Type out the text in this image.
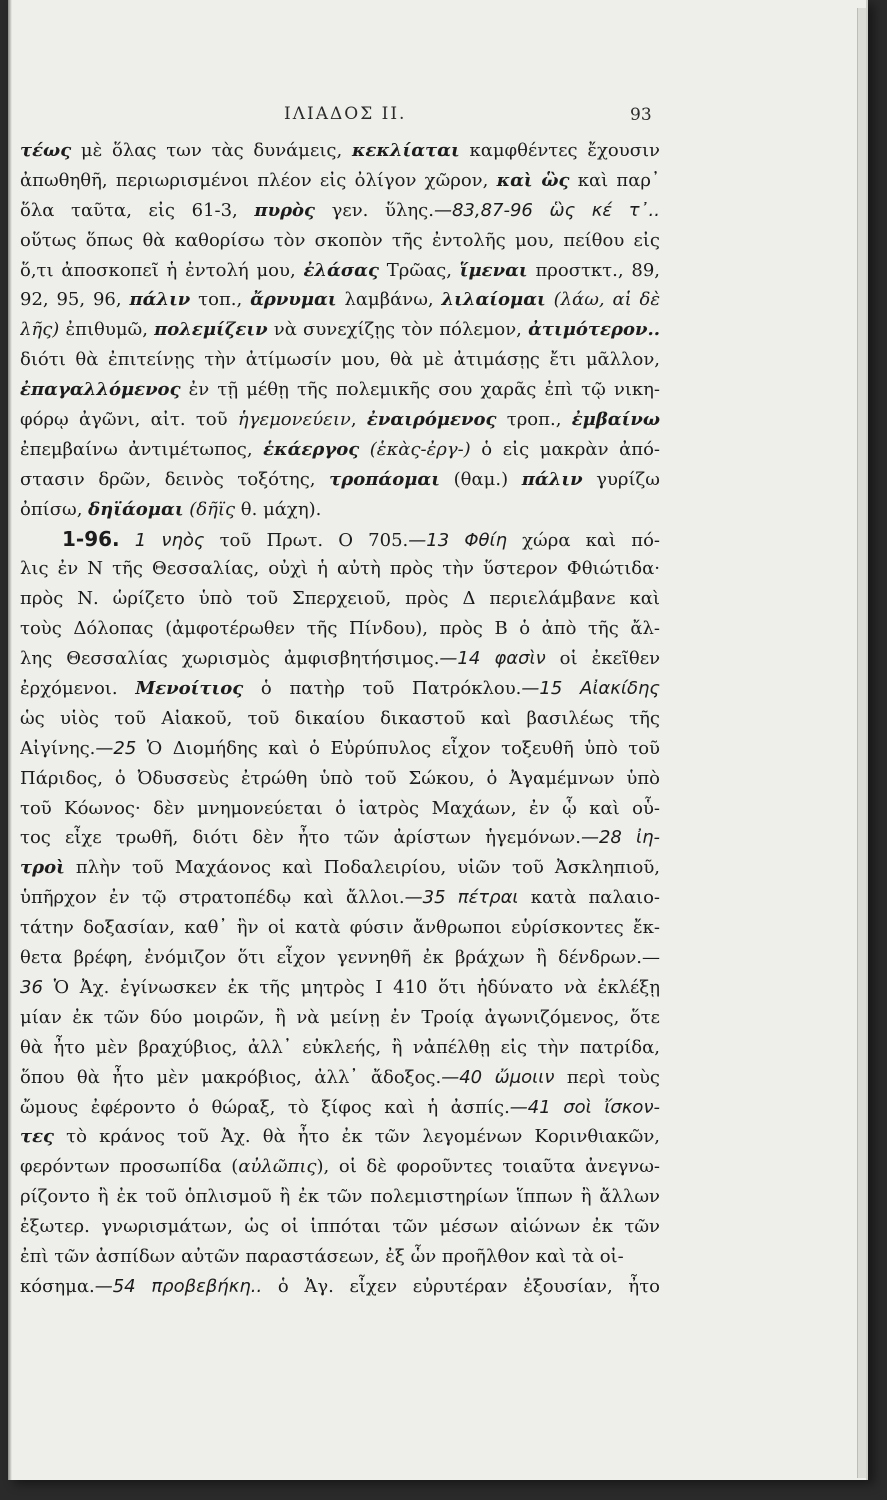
ΙΛΙΑΔΟΣ ΙΙ.	93
τέως μὲ ὅλας των τὰς δυνάμεις, κεκλίαται καμφθέντες ἔχουσιν
ἀπωθηθῆ, περιωρισμένοι πλέον εἰς ὀλίγον χῶρον, καὶ ὣς καὶ παρ᾽
ὅλα ταῦτα, εἰς 61-3, πυρὸς γεν. ὕλης.—83,87-96 ὣς κέ τ᾽..
οὕτως ὅπως θὰ καθορίσω τὸν σκοπὸν τῆς ἐντολῆς μου, πείθου εἰς
ὅ,τι ἀποσκοπεῖ ἡ ἐντολή μου, ἐλάσας Τρῶας, ἵμεναι προστκτ., 89,
92, 95, 96, πάλιν τοπ., ἄρνυμαι λαμβάνω, λιλαίομαι (λάω, αἱ δὲ
λῆς) ἐπιθυμῶ, πολεμίζειν νὰ συνεχίζῃς τὸν πόλεμον, ἀτιμότερον..
διότι θὰ ἐπιτείνῃς τὴν ἀτίμωσίν μου, θὰ μὲ ἀτιμάσῃς ἔτι μᾶλλον,
ἐπαγαλλόμενος ἐν τῇ μέθῃ τῆς πολεμικῆς σου χαρᾶς ἐπὶ τῷ νικη-
φόρῳ ἀγῶνι, αἰτ. τοῦ ἡγεμονεύειν, ἐναιρόμενος τροπ., ἐμβαίνω
ἐπεμβαίνω ἀντιμέτωπος, ἑκάεργος (ἑκὰς-ἐργ-) ὁ εἰς μακρὰν ἀπό-
στασιν δρῶν, δεινὸς τοξότης, τροπάομαι (θαμ.) πάλιν γυρίζω
ὀπίσω, δηϊάομαι (δῆϊς θ. μάχη).
1-96. 1 νηὸς τοῦ Πρωτ. Ο 705.—13 Φθίη χώρα καὶ πό-
λις ἐν Ν τῆς Θεσσαλίας, οὐχὶ ἡ αὐτὴ πρὸς τὴν ὕστερον Φθιώτιδα·
πρὸς Ν. ὡρίζετο ὑπὸ τοῦ Σπερχειοῦ, πρὸς Δ περιελάμβανε καὶ
τοὺς Δόλοπας (ἀμφοτέρωθεν τῆς Πίνδου), πρὸς Β ὁ ἀπὸ τῆς ἄλ-
λης Θεσσαλίας χωρισμὸς ἀμφισβητήσιμος.—14 φασὶν οἱ ἐκεῖθεν
ἐρχόμενοι. Μενοίτιος ὁ πατὴρ τοῦ Πατρόκλου.—15 Αἰακίδης
ὡς υἱὸς τοῦ Αἰακοῦ, τοῦ δικαίου δικαστοῦ καὶ βασιλέως τῆς
Αἰγίνης.—25 Ὁ Διομήδης καὶ ὁ Εὐρύπυλος εἶχον τοξευθῆ ὑπὸ τοῦ
Πάριδος, ὁ Ὀδυσσεὺς ἐτρώθη ὑπὸ τοῦ Σώκου, ὁ Ἀγαμέμνων ὑπὸ
τοῦ Κόωνος· δὲν μνημονεύεται ὁ ἰατρὸς Μαχάων, ἐν ᾧ καὶ οὗ-
τος εἶχε τρωθῆ, διότι δὲν ἦτο τῶν ἀρίστων ἡγεμόνων.—28 ἰη-
τροὶ πλὴν τοῦ Μαχάονος καὶ Ποδαλειρίου, υἱῶν τοῦ Ἀσκληπιοῦ,
ὑπῆρχον ἐν τῷ στρατοπέδῳ καὶ ἄλλοι.—35 πέτραι κατὰ παλαιο-
τάτην δοξασίαν, καθ᾽ ἣν οἱ κατὰ φύσιν ἄνθρωποι εὑρίσκοντες ἔκ-
θετα βρέφη, ἐνόμιζον ὅτι εἶχον γεννηθῆ ἐκ βράχων ἢ δένδρων.—
36 Ὁ Ἀχ. ἐγίνωσκεν ἐκ τῆς μητρὸς Ι 410 ὅτι ἠδύνατο νὰ ἐκλέξῃ
μίαν ἐκ τῶν δύο μοιρῶν, ἢ νὰ μείνῃ ἐν Τροίᾳ ἀγωνιζόμενος, ὅτε
θὰ ἦτο μὲν βραχύβιος, ἀλλ᾽ εὐκλεής, ἢ νἀπέλθῃ εἰς τὴν πατρίδα,
ὅπου θὰ ἦτο μὲν μακρόβιος, ἀλλ᾽ ἄδοξος.—40 ὤμοιιν περὶ τοὺς
ὤμους ἐφέροντο ὁ θώραξ, τὸ ξίφος καὶ ἡ ἀσπίς.—41 σοὶ ἴσκον-
τες τὸ κράνος τοῦ Ἀχ. θὰ ἦτο ἐκ τῶν λεγομένων Κορινθιακῶν,
φερόντων προσωπίδα (αὐλῶπις), οἱ δὲ φοροῦντες τοιαῦτα ἀνεγνω-
ρίζοντο ἢ ἐκ τοῦ ὁπλισμοῦ ἢ ἐκ τῶν πολεμιστηρίων ἵππων ἢ ἄλλων
ἐξωτερ. γνωρισμάτων, ὡς οἱ ἱππόται τῶν μέσων αἰώνων ἐκ τῶν
ἐπὶ τῶν ἀσπίδων αὐτῶν παραστάσεων, ἐξ ὧν προῆλθον καὶ τὰ οἰ-
κόσημα.—54 προβεβήκη.. ὁ Ἀγ. εἶχεν εὐρυτέραν ἐξουσίαν, ἦτο
